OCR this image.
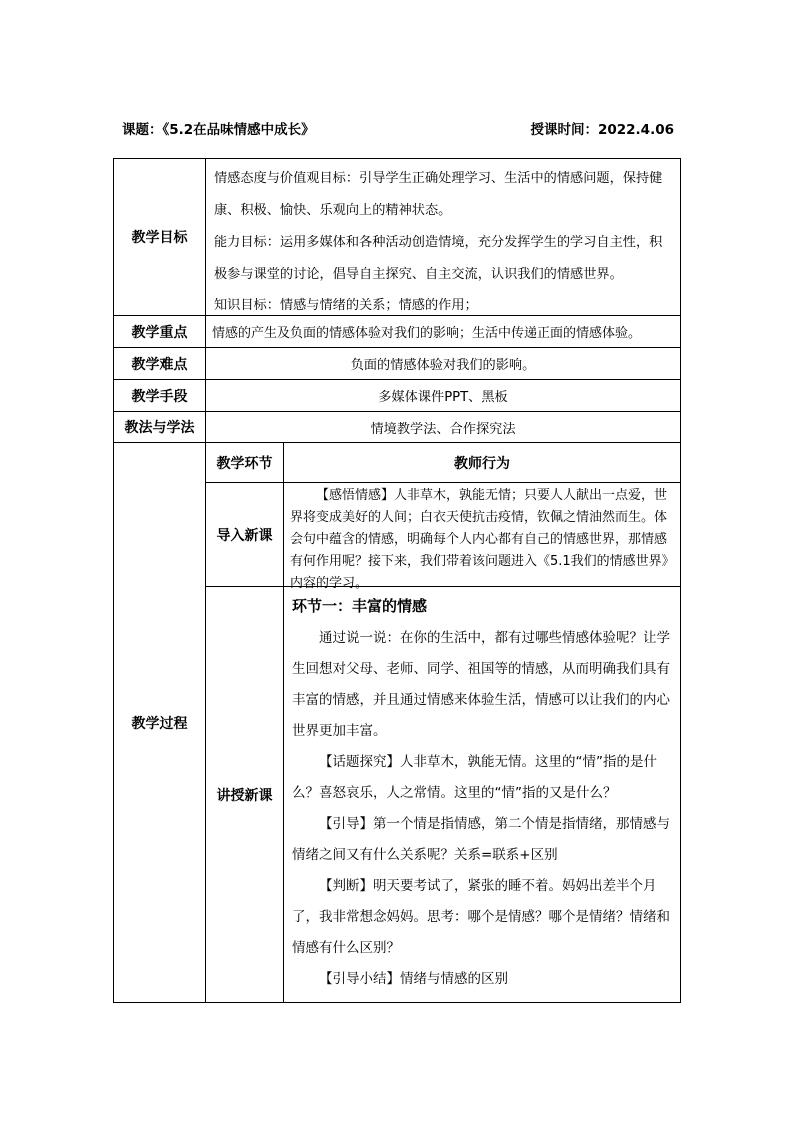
课题：《5.2在品味情感中成长》	授课时间：2022.4.06
教学目标

情感态度与价值观目标：引导学生正确处理学习、生活中的情感问题，保持健康、积极、愉快、乐观向上的精神状态。

能力目标：运用多媒体和各种活动创造情境，充分发挥学生的学习自主性，积极参与课堂的讨论，倡导自主探究、自主交流，认识我们的情感世界。

知识目标：情感与情绪的关系；情感的作用；

教学重点	情感的产生及负面的情感体验对我们的影响；生活中传递正面的情感体验。
教学难点	负面的情感体验对我们的影响。
教学手段	多媒体课件PPT、黑板
教法与学法	情境教学法、合作探究法
教学过程
教学环节	教师行为
导入新课
【感悟情感】人非草木，孰能无情；只要人人献出一点爱，世界将变成美好的人间；白衣天使抗击疫情，钦佩之情油然而生。体会句中蕴含的情感，明确每个人内心都有自己的情感世界，那情感有何作用呢？接下来，我们带着该问题进入《5.1我们的情感世界》内容的学习。
讲授新课

环节一：丰富的情感

通过说一说：在你的生活中，都有过哪些情感体验呢？让学生回想对父母、老师、同学、祖国等的情感，从而明确我们具有丰富的情感，并且通过情感来体验生活，情感可以让我们的内心世界更加丰富。

【话题探究】人非草木，孰能无情。这里的“情”指的是什么？喜怒哀乐，人之常情。这里的“情”指的又是什么？

【引导】第一个情是指情感，第二个情是指情绪，那情感与情绪之间又有什么关系呢？关系=联系+区别

【判断】明天要考试了，紧张的睡不着。妈妈出差半个月了，我非常想念妈妈。思考：哪个是情感？哪个是情绪？情绪和情感有什么区别？

【引导小结】情绪与情感的区别
